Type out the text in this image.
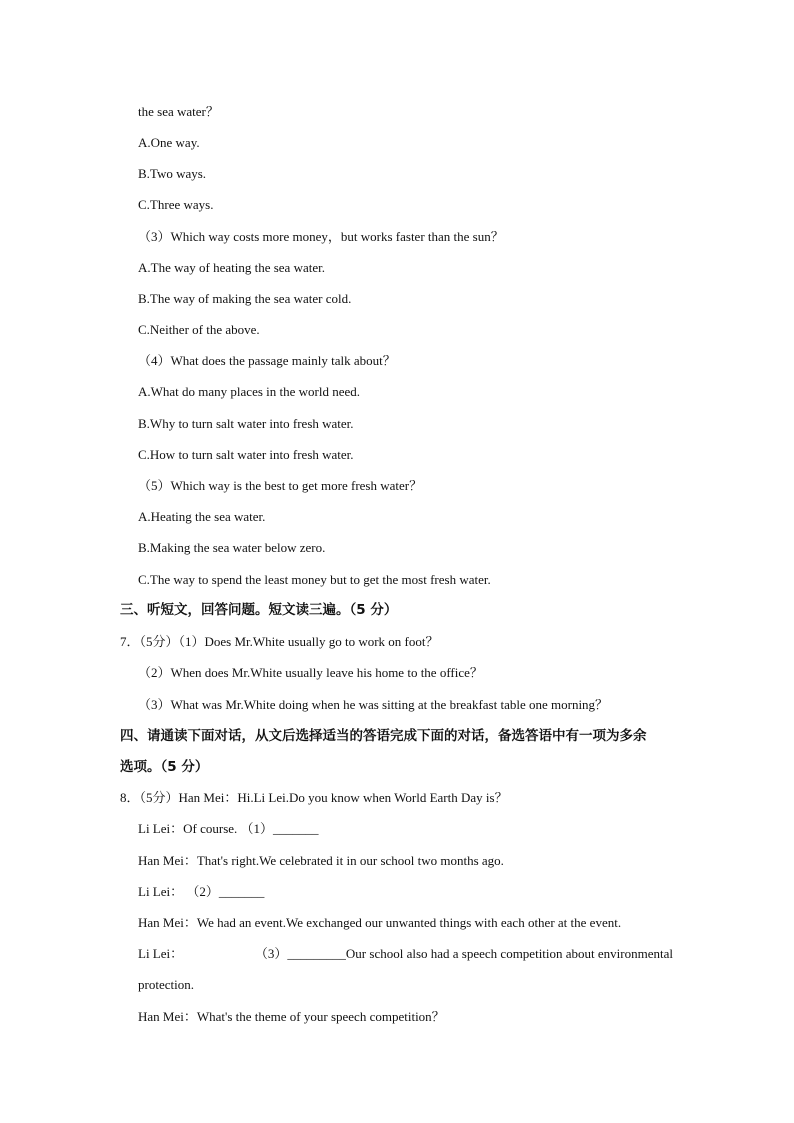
the sea water？
A.One way.
B.Two ways.
C.Three ways.
（3）Which way costs more money，but works faster than the sun？
A.The way of heating the sea water.
B.The way of making the sea water cold.
C.Neither of the above.
（4）What does the passage mainly talk about？
A.What do many places in the world need.
B.Why to turn salt water into fresh water.
C.How to turn salt water into fresh water.
（5）Which way is the best to get more fresh water？
A.Heating the sea water.
B.Making the sea water below zero.
C.The way to spend the least money but to get the most fresh water.
三、听短文，回答问题。短文读三遍。（5 分）
7．（5分）（1）Does Mr.White usually go to work on foot？
（2）When does Mr.White usually leave his home to the office？
（3）What was Mr.White doing when he was sitting at the breakfast table one morning？
四、请通读下面对话，从文后选择适当的答语完成下面的对话，备选答语中有一项为多余
选项。（5 分）
8．（5分）Han Mei：Hi.Li Lei.Do you know when World Earth Day is？
Li Lei：Of course. （1）_______
Han Mei：That's right.We celebrated it in our school two months ago.
Li Lei： （2）_______
Han Mei：We had an event.We exchanged our unwanted things with each other at the event.
Li Lei：	（3）_________Our school also had a speech competition about environmental
protection.
Han Mei：What's the theme of your speech competition？
